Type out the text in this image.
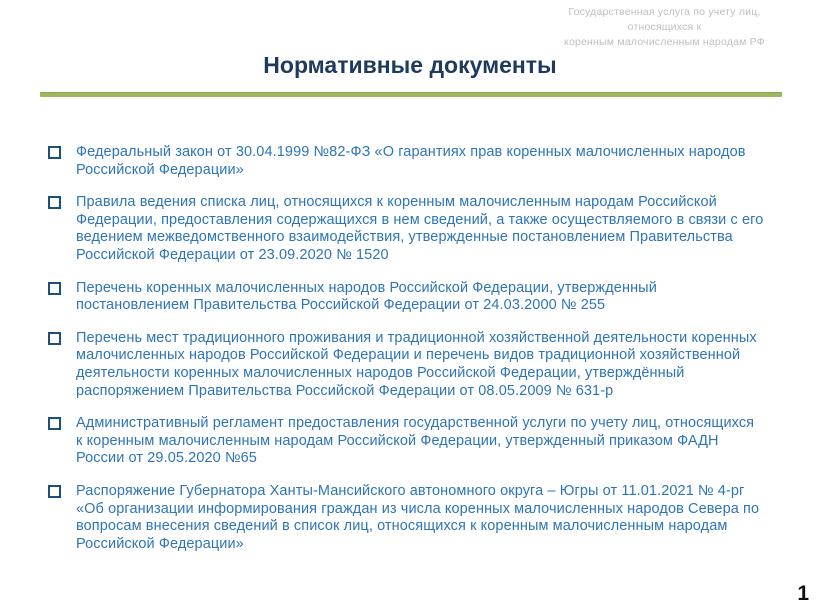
Государственная услуга по учету лиц, относящихся к
коренным малочисленным народам РФ
Нормативные документы
Федеральный закон от 30.04.1999 №82-ФЗ «О гарантиях прав коренных малочисленных народов Российской Федерации»
Правила ведения списка лиц, относящихся к коренным малочисленным народам Российской Федерации, предоставления содержащихся в нем сведений, а также осуществляемого в связи с его ведением межведомственного взаимодействия, утвержденные постановлением Правительства Российской Федерации от 23.09.2020 № 1520
Перечень коренных малочисленных народов Российской Федерации, утвержденный постановлением Правительства Российской Федерации от 24.03.2000 № 255
Перечень мест традиционного проживания и традиционной хозяйственной деятельности коренных малочисленных народов Российской Федерации и перечень видов традиционной хозяйственной деятельности коренных малочисленных народов Российской Федерации, утверждённый распоряжением Правительства Российской Федерации от 08.05.2009 № 631-р
Административный регламент предоставления государственной услуги по учету лиц, относящихся к коренным малочисленным народам Российской Федерации, утвержденный приказом ФАДН России от 29.05.2020 №65
Распоряжение Губернатора Ханты-Мансийского автономного округа – Югры от 11.01.2021 № 4-рг «Об организации информирования граждан из числа коренных малочисленных народов Севера по вопросам внесения сведений в список лиц, относящихся к коренным малочисленным народам Российской Федерации»
1
